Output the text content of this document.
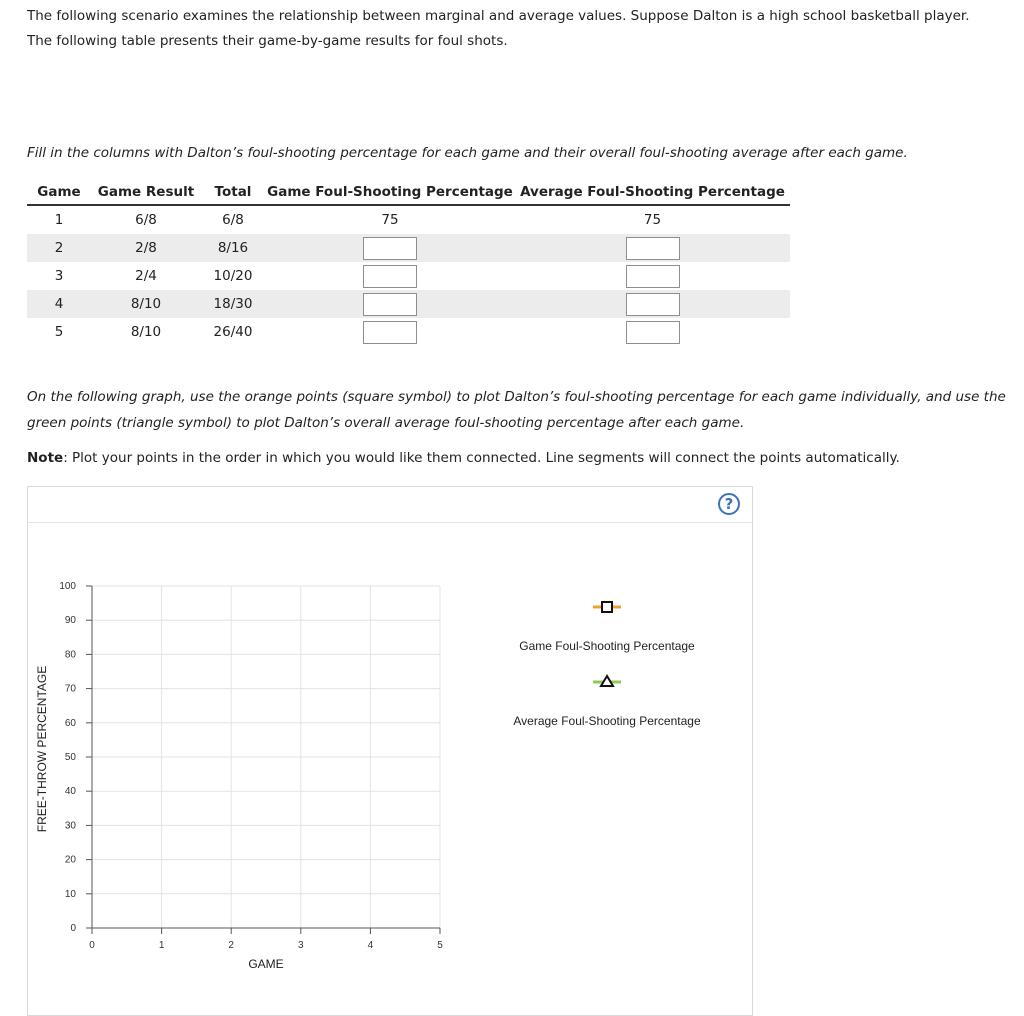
The following scenario examines the relationship between marginal and average values. Suppose Dalton is a high school basketball player. The following table presents their game-by-game results for foul shots.

Fill in the columns with Dalton’s foul-shooting percentage for each game and their overall foul-shooting average after each game.

Game	Game Result	Total	Game Foul-Shooting Percentage	Average Foul-Shooting Percentage
1	6/8	6/8	75	75
2	2/8	8/16		
3	2/4	10/20		
4	8/10	18/30		
5	8/10	26/40		

On the following graph, use the orange points (square symbol) to plot Dalton’s foul-shooting percentage for each game individually, and use the green points (triangle symbol) to plot Dalton’s overall average foul-shooting percentage after each game.

Note: Plot your points in the order in which you would like them connected. Line segments will connect the points automatically.

?
0
10
20
30
40
50
60
70
80
90
100
0	1	2	3	4	5
GAME
FREE-THROW PERCENTAGE
Game Foul-Shooting Percentage
Average Foul-Shooting Percentage
